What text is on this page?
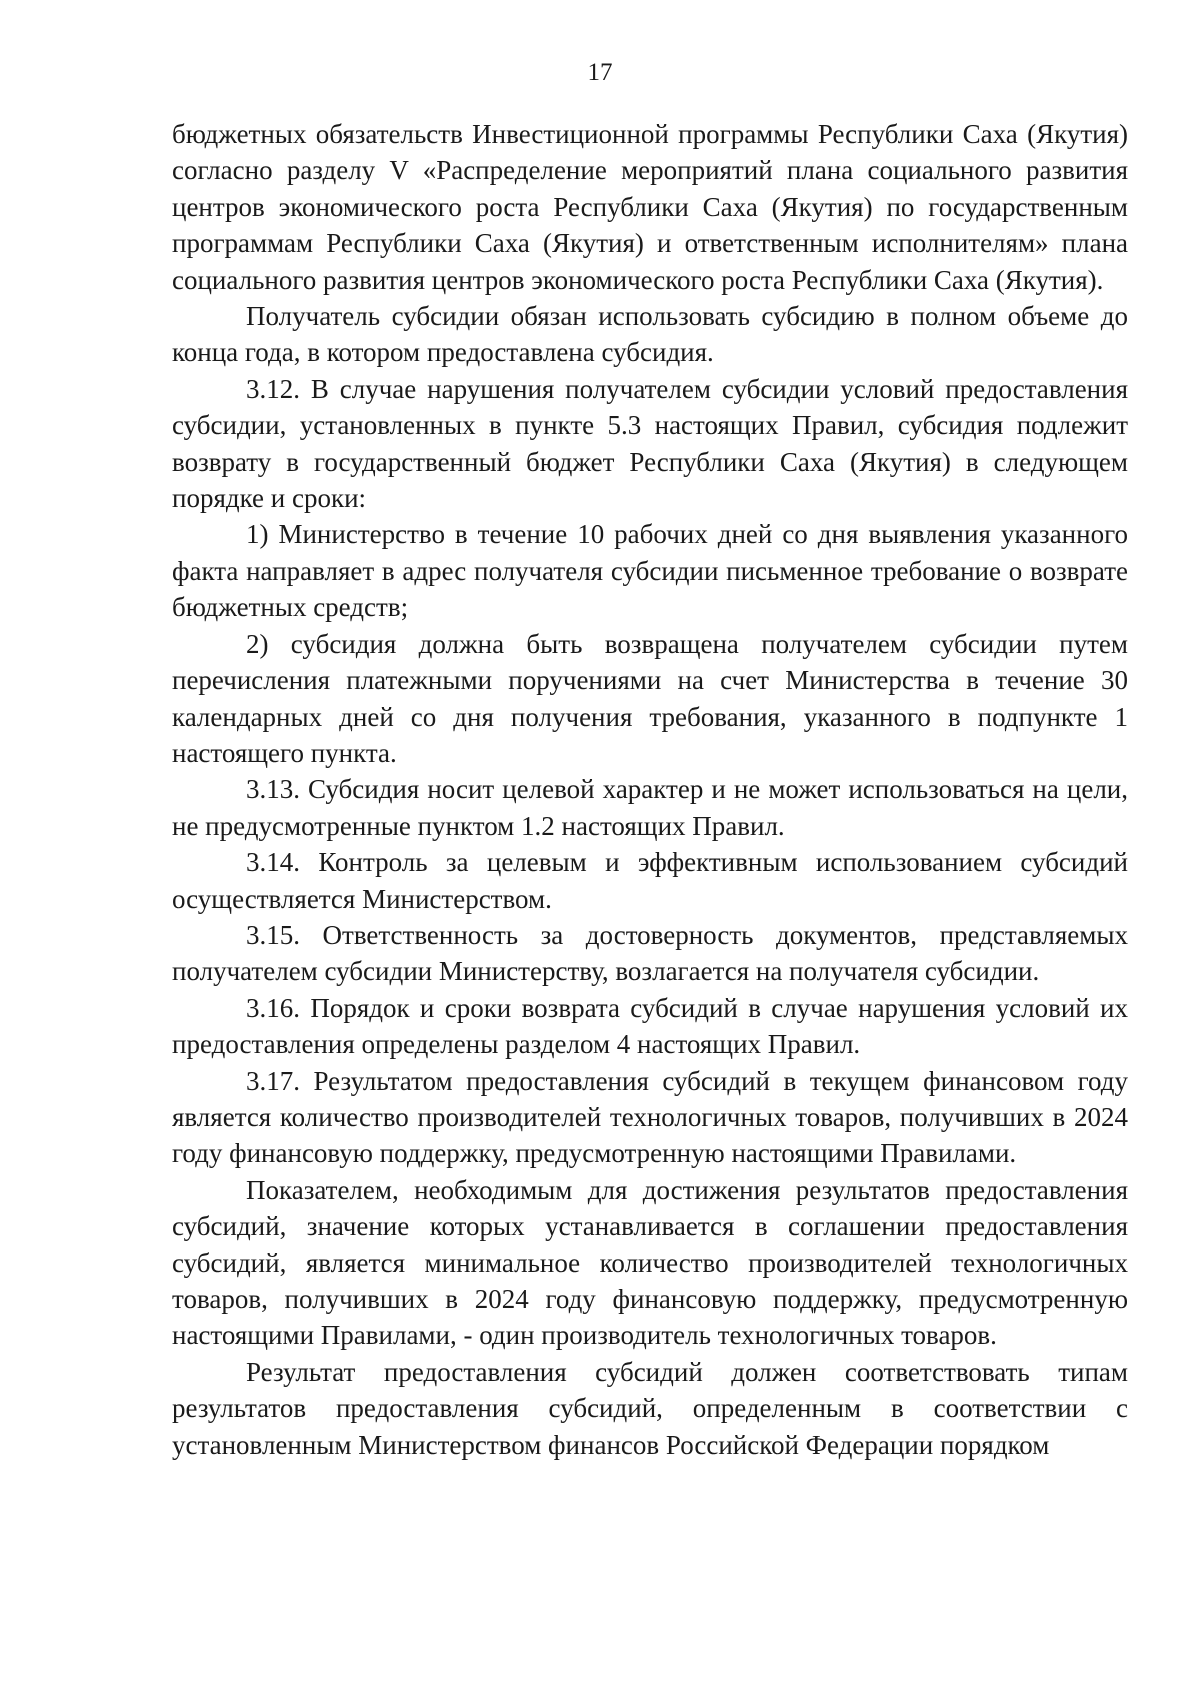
17

бюджетных обязательств Инвестиционной программы Республики Саха (Якутия) согласно разделу V «Распределение мероприятий плана социального развития центров экономического роста Республики Саха (Якутия) по государственным программам Республики Саха (Якутия) и ответственным исполнителям» плана социального развития центров экономического роста Республики Саха (Якутия).

Получатель субсидии обязан использовать субсидию в полном объеме до конца года, в котором предоставлена субсидия.

3.12. В случае нарушения получателем субсидии условий предоставления субсидии, установленных в пункте 5.3 настоящих Правил, субсидия подлежит возврату в государственный бюджет Республики Саха (Якутия) в следующем порядке и сроки:

1) Министерство в течение 10 рабочих дней со дня выявления указанного факта направляет в адрес получателя субсидии письменное требование о возврате бюджетных средств;

2) субсидия должна быть возвращена получателем субсидии путем перечисления платежными поручениями на счет Министерства в течение 30 календарных дней со дня получения требования, указанного в подпункте 1 настоящего пункта.

3.13. Субсидия носит целевой характер и не может использоваться на цели, не предусмотренные пунктом 1.2 настоящих Правил.

3.14. Контроль за целевым и эффективным использованием субсидий осуществляется Министерством.

3.15. Ответственность за достоверность документов, представляемых получателем субсидии Министерству, возлагается на получателя субсидии.

3.16. Порядок и сроки возврата субсидий в случае нарушения условий их предоставления определены разделом 4 настоящих Правил.

3.17. Результатом предоставления субсидий в текущем финансовом году является количество производителей технологичных товаров, получивших в 2024 году финансовую поддержку, предусмотренную настоящими Правилами.

Показателем, необходимым для достижения результатов предоставления субсидий, значение которых устанавливается в соглашении предоставления субсидий, является минимальное количество производителей технологичных товаров, получивших в 2024 году финансовую поддержку, предусмотренную настоящими Правилами, - один производитель технологичных товаров.

Результат предоставления субсидий должен соответствовать типам результатов предоставления субсидий, определенным в соответствии с установленным Министерством финансов Российской Федерации порядком
